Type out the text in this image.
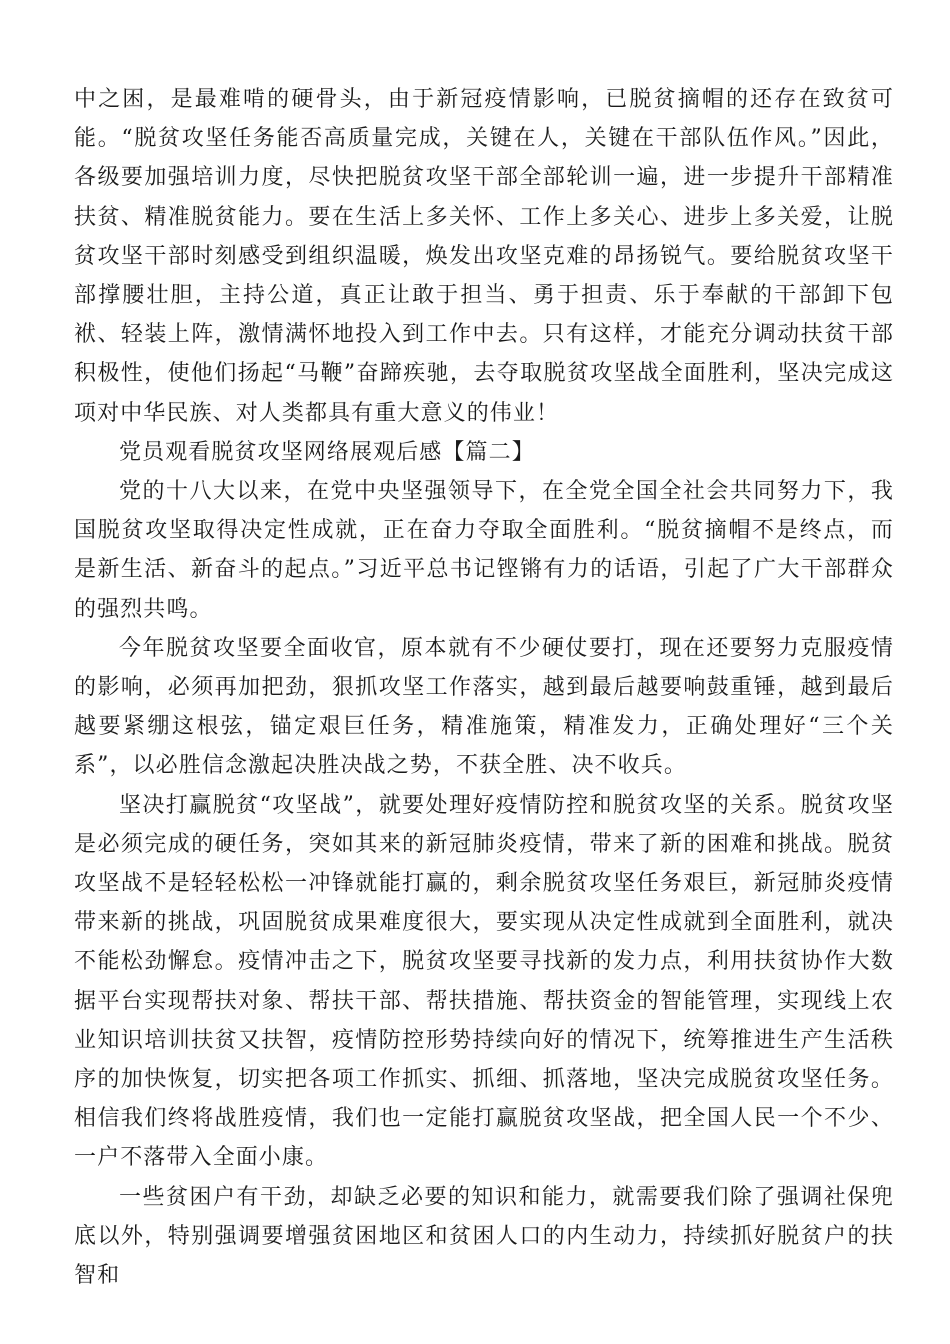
中之困，是最难啃的硬骨头，由于新冠疫情影响，已脱贫摘帽的还存在致贫可能。“脱贫攻坚任务能否高质量完成，关键在人，关键在干部队伍作风。”因此，各级要加强培训力度，尽快把脱贫攻坚干部全部轮训一遍，进一步提升干部精准扶贫、精准脱贫能力。要在生活上多关怀、工作上多关心、进步上多关爱，让脱贫攻坚干部时刻感受到组织温暖，焕发出攻坚克难的昂扬锐气。要给脱贫攻坚干部撑腰壮胆，主持公道，真正让敢于担当、勇于担责、乐于奉献的干部卸下包袱、轻装上阵，激情满怀地投入到工作中去。只有这样，才能充分调动扶贫干部积极性，使他们扬起“马鞭”奋蹄疾驰，去夺取脱贫攻坚战全面胜利，坚决完成这项对中华民族、对人类都具有重大意义的伟业！

党员观看脱贫攻坚网络展观后感【篇二】

党的十八大以来，在党中央坚强领导下，在全党全国全社会共同努力下，我国脱贫攻坚取得决定性成就，正在奋力夺取全面胜利。“脱贫摘帽不是终点，而是新生活、新奋斗的起点。”习近平总书记铿锵有力的话语，引起了广大干部群众的强烈共鸣。

今年脱贫攻坚要全面收官，原本就有不少硬仗要打，现在还要努力克服疫情的影响，必须再加把劲，狠抓攻坚工作落实，越到最后越要响鼓重锤，越到最后越要紧绷这根弦，锚定艰巨任务，精准施策，精准发力，正确处理好“三个关系”，以必胜信念激起决胜决战之势，不获全胜、决不收兵。

坚决打赢脱贫“攻坚战”，就要处理好疫情防控和脱贫攻坚的关系。脱贫攻坚是必须完成的硬任务，突如其来的新冠肺炎疫情，带来了新的困难和挑战。脱贫攻坚战不是轻轻松松一冲锋就能打赢的，剩余脱贫攻坚任务艰巨，新冠肺炎疫情带来新的挑战，巩固脱贫成果难度很大，要实现从决定性成就到全面胜利，就决不能松劲懈怠。疫情冲击之下，脱贫攻坚要寻找新的发力点，利用扶贫协作大数据平台实现帮扶对象、帮扶干部、帮扶措施、帮扶资金的智能管理，实现线上农业知识培训扶贫又扶智，疫情防控形势持续向好的情况下，统筹推进生产生活秩序的加快恢复，切实把各项工作抓实、抓细、抓落地，坚决完成脱贫攻坚任务。相信我们终将战胜疫情，我们也一定能打赢脱贫攻坚战，把全国人民一个不少、一户不落带入全面小康。

一些贫困户有干劲，却缺乏必要的知识和能力，就需要我们除了强调社保兜底以外，特别强调要增强贫困地区和贫困人口的内生动力，持续抓好脱贫户的扶智和
